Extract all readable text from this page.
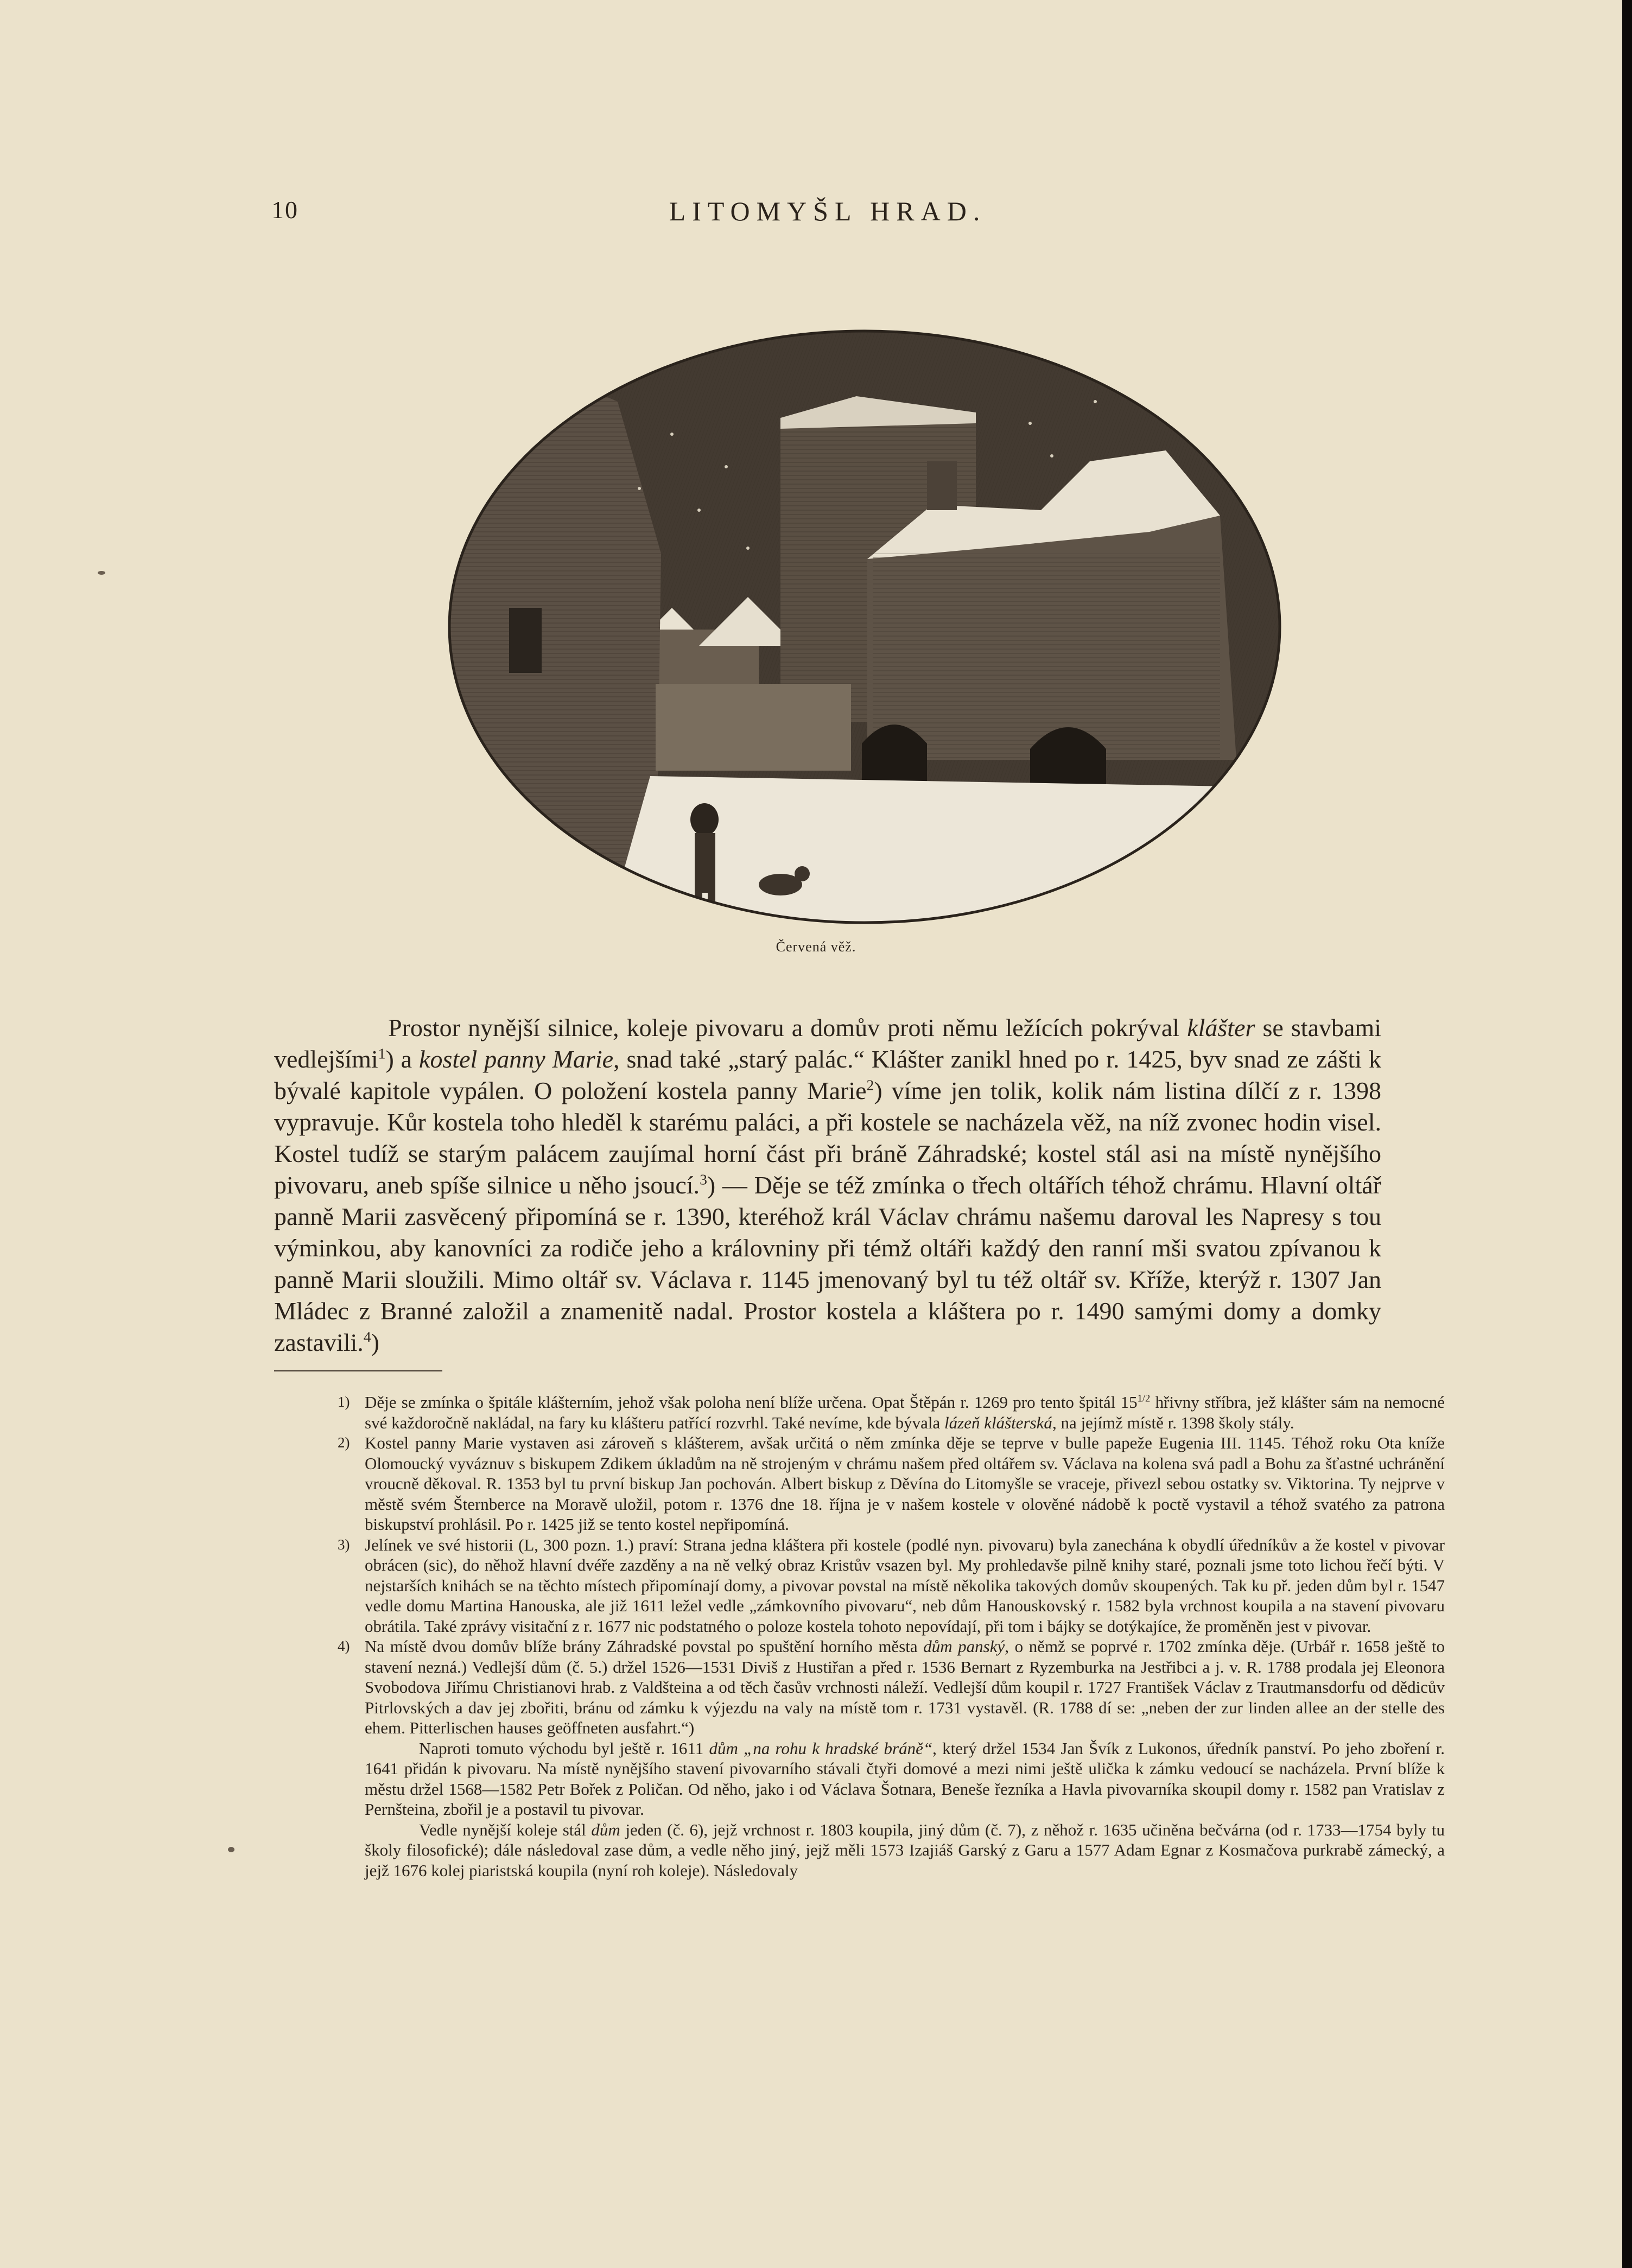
10	LITOMYŠL HRAD.
Červená věž.

Prostor nynější silnice, koleje pivovaru a domův proti němu ležících pokrýval klášter se stavbami vedlejšími$^1$) a kostel panny Marie, snad také „starý palác.“ Klášter zanikl hned po r. 1425, byv snad ze zášti k bývalé kapitole vypálen. O položení kostela panny Marie$^2$) víme jen tolik, kolik nám listina dílčí z r. 1398 vypravuje. Kůr kostela toho hleděl k starému paláci, a při kostele se nacházela věž, na níž zvonec hodin visel. Kostel tudíž se starým palácem zaujímal horní část při bráně Záhradské; kostel stál asi na místě nynějšího pivovaru, aneb spíše silnice u něho jsoucí.$^3$) — Děje se též zmínka o třech oltářích téhož chrámu. Hlavní oltář panně Marii zasvěcený připomíná se r. 1390, kteréhož král Václav chrámu našemu daroval les Napresy s tou výminkou, aby kanovníci za rodiče jeho a královniny při témž oltáři každý den ranní mši svatou zpívanou k panně Marii sloužili. Mimo oltář sv. Václava r. 1145 jmenovaný byl tu též oltář sv. Kříže, kterýž r. 1307 Jan Mládec z Branné založil a znamenitě nadal. Prostor kostela a kláštera po r. 1490 samými domy a domky zastavili.$^4$)

1) Děje se zmínka o špitále klášterním, jehož však poloha není blíže určena. Opat Štěpán r. 1269 pro tento špitál $15^{1/2}$ hřivny stříbra, jež klášter sám na nemocné své každoročně nakládal, na fary ku klášteru patřící rozvrhl. Také nevíme, kde bývala lázeň klášterská, na jejímž místě r. 1398 školy stály.

2) Kostel panny Marie vystaven asi zároveň s klášterem, avšak určitá o něm zmínka děje se teprve v bulle papeže Eugenia III. 1145. Téhož roku Ota kníže Olomoucký vyváznuv s biskupem Zdikem úkladům na ně strojeným v chrámu našem před oltářem sv. Václava na kolena svá padl a Bohu za šťastné uchránění vroucně děkoval. R. 1353 byl tu první biskup Jan pochován. Albert biskup z Děvína do Litomyšle se vraceje, přivezl sebou ostatky sv. Viktorina. Ty nejprve v městě svém Šternberce na Moravě uložil, potom r. 1376 dne 18. října je v našem kostele v olověné nádobě k poctě vystavil a téhož svatého za patrona biskupství prohlásil. Po r. 1425 již se tento kostel nepřipomíná.

3) Jelínek ve své historii (L, 300 pozn. 1.) praví: Strana jedna kláštera při kostele (podlé nyn. pivovaru) byla zanechána k obydlí úředníkův a že kostel v pivovar obrácen (sic), do něhož hlavní dvéře zazděny a na ně velký obraz Kristův vsazen byl. My prohledavše pilně knihy staré, poznali jsme toto lichou řečí býti. V nejstarších knihách se na těchto místech připomínají domy, a pivovar povstal na místě několika takových domův skoupených. Tak ku př. jeden dům byl r. 1547 vedle domu Martina Hanouska, ale již 1611 ležel vedle „zámkovního pivovaru“, neb dům Hanouskovský r. 1582 byla vrchnost koupila a na stavení pivovaru obrátila. Také zprávy visitační z r. 1677 nic podstatného o poloze kostela tohoto nepovídají, při tom i bájky se dotýkajíce, že proměněn jest v pivovar.

4) Na místě dvou domův blíže brány Záhradské povstal po spuštění horního města dům panský, o němž se poprvé r. 1702 zmínka děje. (Urbář r. 1658 ještě to stavení nezná.) Vedlejší dům (č. 5.) držel 1526—1531 Diviš z Hustiřan a před r. 1536 Bernart z Ryzemburka na Jestřibci a j. v. R. 1788 prodala jej Eleonora Svobodova Jiřímu Christianovi hrab. z Valdšteina a od těch časův vrchnosti náleží. Vedlejší dům koupil r. 1727 František Václav z Trautmansdorfu od dědicův Pitrlovských a dav jej zbořiti, bránu od zámku k výjezdu na valy na místě tom r. 1731 vystavěl. (R. 1788 dí se: „neben der zur linden allee an der stelle des ehem. Pitterlischen hauses geöffneten ausfahrt.“)

Naproti tomuto východu byl ještě r. 1611 dům „na rohu k hradské bráně“, který držel 1534 Jan Švík z Lukonos, úředník panství. Po jeho zboření r. 1641 přidán k pivovaru. Na místě nynějšího stavení pivovarního stávali čtyři domové a mezi nimi ještě ulička k zámku vedoucí se nacházela. První blíže k městu držel 1568—1582 Petr Bořek z Poličan. Od něho, jako i od Václava Šotnara, Beneše řezníka a Havla pivovarníka skoupil domy r. 1582 pan Vratislav z Pernšteina, zbořil je a postavil tu pivovar.

Vedle nynější koleje stál dům jeden (č. 6), jejž vrchnost r. 1803 koupila, jiný dům (č. 7), z něhož r. 1635 učiněna bečvárna (od r. 1733—1754 byly tu školy filosofické); dále následoval zase dům, a vedle něho jiný, jejž měli 1573 Izajiáš Garský z Garu a 1577 Adam Egnar z Kosmačova purkrabě zámecký, a jejž 1676 kolej piaristská koupila (nyní roh koleje). Následovaly
